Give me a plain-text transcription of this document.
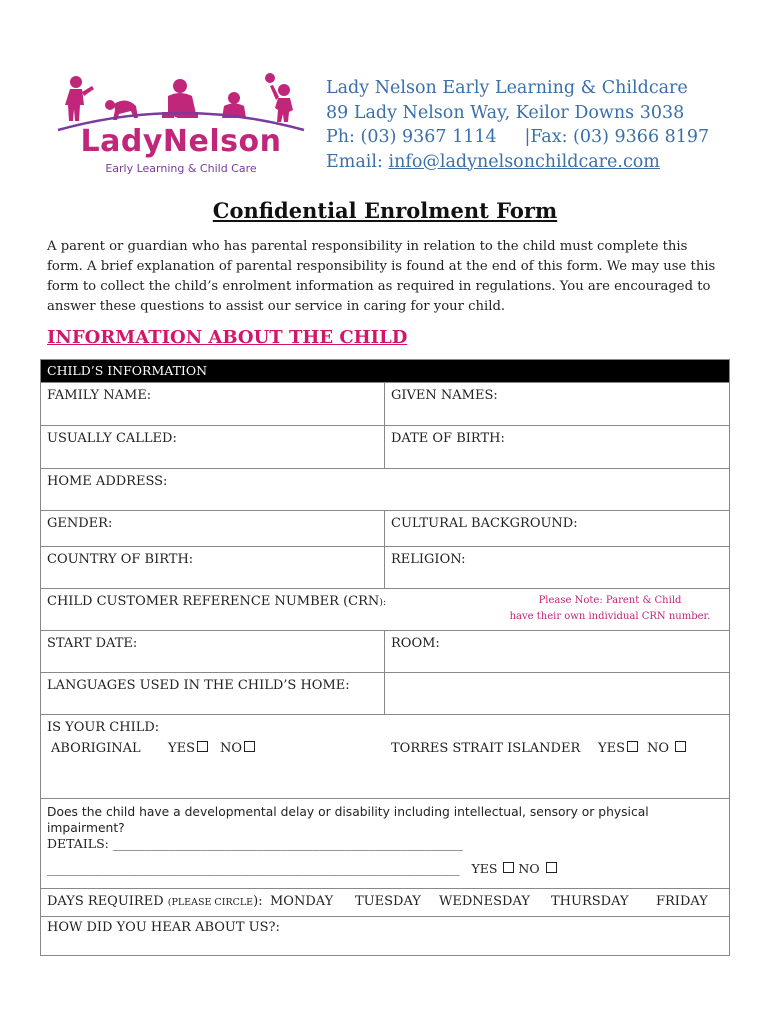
LadyNelson
Early Learning & Child Care
Lady Nelson Early Learning & Childcare
89 Lady Nelson Way, Keilor Downs 3038
Ph: (03) 9367 1114     |Fax: (03) 9366 8197
Email: info@ladynelsonchildcare.com
Confidential Enrolment Form
A parent or guardian who has parental responsibility in relation to the child must complete this form. A brief explanation of parental responsibility is found at the end of this form. We may use this form to collect the child’s enrolment information as required in regulations. You are encouraged to answer these questions to assist our service in caring for your child.
INFORMATION ABOUT THE CHILD
CHILD’S INFORMATION
FAMILY NAME:	GIVEN NAMES:
USUALLY CALLED:	DATE OF BIRTH:
HOME ADDRESS:
GENDER:	CULTURAL BACKGROUND:
COUNTRY OF BIRTH:	RELIGION:
CHILD CUSTOMER REFERENCE NUMBER (CRN):	Please Note: Parent & Child
have their own individual CRN number.
START DATE:	ROOM:
LANGUAGES USED IN THE CHILD’S HOME:
IS YOUR CHILD:
ABORIGINAL YES	NO	TORRES STRAIT ISLANDER YES	NO
Does the child have a developmental delay or disability including intellectual, sensory or physical impairment?
DETAILS: ________________________________________________________
__________________________________________________________________ YES NO
DAYS REQUIRED (PLEASE CIRCLE): MONDAY TUESDAY WEDNESDAY THURSDAY FRIDAY
HOW DID YOU HEAR ABOUT US?:
